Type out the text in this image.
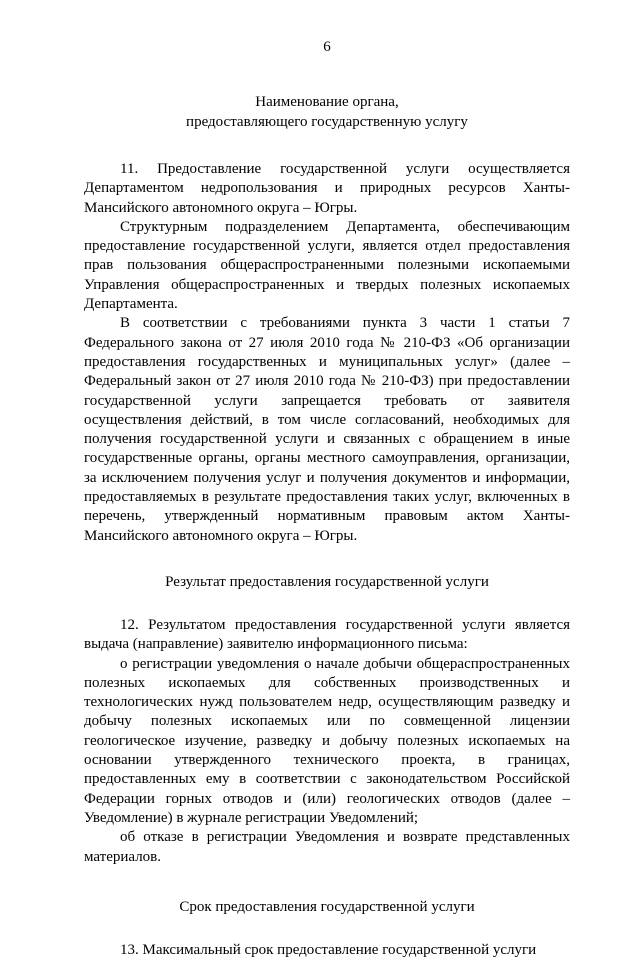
6
Наименование органа,
предоставляющего государственную услугу

11. Предоставление государственной услуги осуществляется Департаментом недропользования и природных ресурсов Ханты-Мансийского автономного округа – Югры.

Структурным подразделением Департамента, обеспечивающим предоставление государственной услуги, является отдел предоставления прав пользования общераспространенными полезными ископаемыми Управления общераспространенных и твердых полезных ископаемых Департамента.

В соответствии с требованиями пункта 3 части 1 статьи 7 Федерального закона от 27 июля 2010 года № 210-ФЗ «Об организации предоставления государственных и муниципальных услуг» (далее – Федеральный закон от 27 июля 2010 года № 210-ФЗ) при предоставлении государственной услуги запрещается требовать от заявителя осуществления действий, в том числе согласований, необходимых для получения государственной услуги и связанных с обращением в иные государственные органы, органы местного самоуправления, организации, за исключением получения услуг и получения документов и информации, предоставляемых в результате предоставления таких услуг, включенных в перечень, утвержденный нормативным правовым актом Ханты-Мансийского автономного округа – Югры.

Результат предоставления государственной услуги

12. Результатом предоставления государственной услуги является выдача (направление) заявителю информационного письма:

о регистрации уведомления о начале добычи общераспространенных полезных ископаемых для собственных производственных и технологических нужд пользователем недр, осуществляющим разведку и добычу полезных ископаемых или по совмещенной лицензии геологическое изучение, разведку и добычу полезных ископаемых на основании утвержденного технического проекта, в границах, предоставленных ему в соответствии с законодательством Российской Федерации горных отводов и (или) геологических отводов (далее – Уведомление) в журнале регистрации Уведомлений;

об отказе в регистрации Уведомления и возврате представленных материалов.

Срок предоставления государственной услуги

13. Максимальный срок предоставление государственной услуги
